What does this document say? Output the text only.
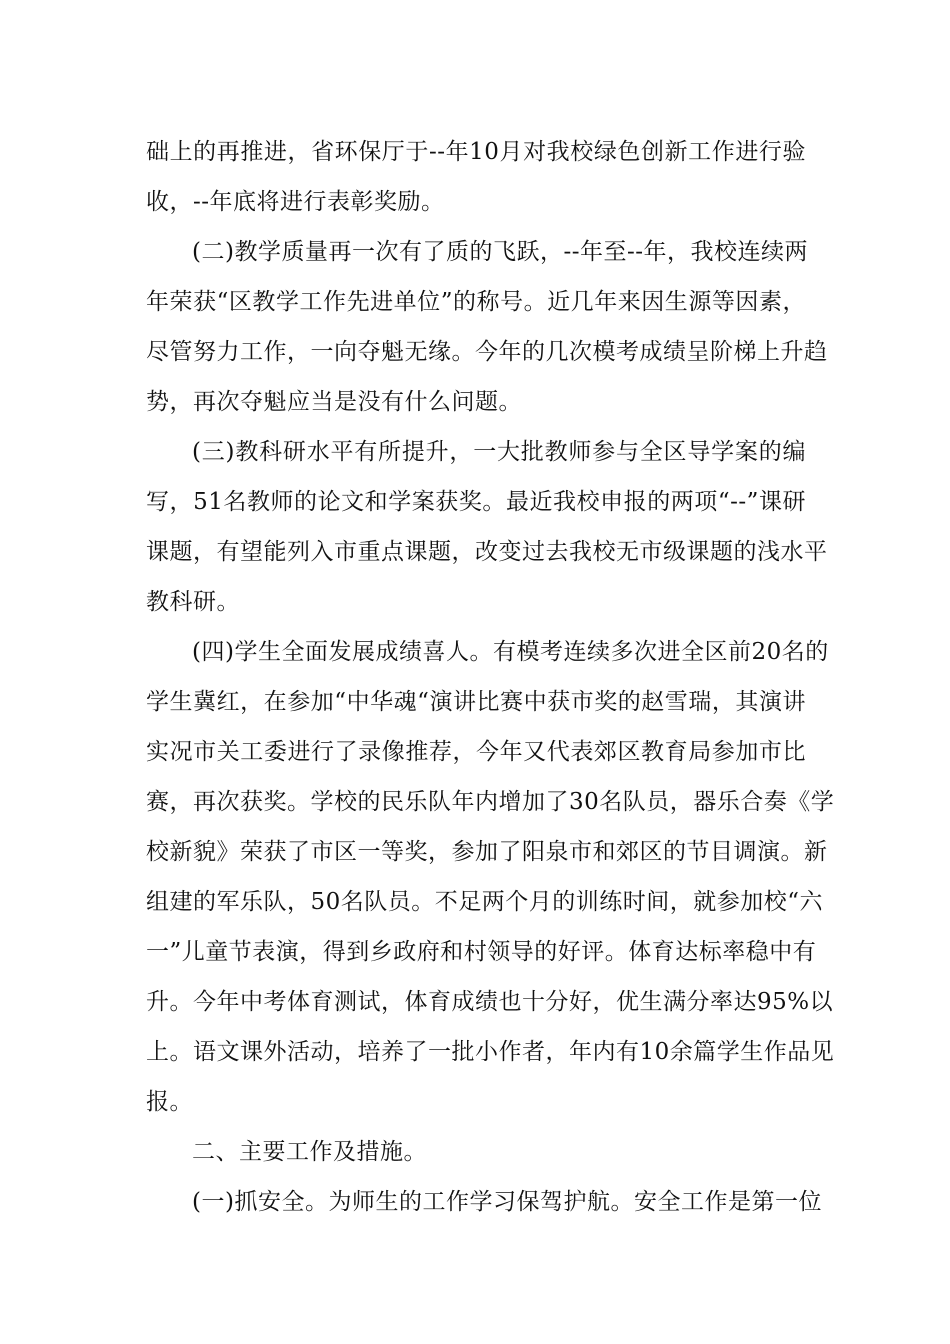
础上的再推进，省环保厅于--年10月对我校绿色创新工作进行验
收，--年底将进行表彰奖励。
(二)教学质量再一次有了质的飞跃，--年至--年，我校连续两
年荣获“区教学工作先进单位”的称号。近几年来因生源等因素，
尽管努力工作，一向夺魁无缘。今年的几次模考成绩呈阶梯上升趋
势，再次夺魁应当是没有什么问题。
(三)教科研水平有所提升，一大批教师参与全区导学案的编
写，51名教师的论文和学案获奖。最近我校申报的两项“--”课研
课题，有望能列入市重点课题，改变过去我校无市级课题的浅水平
教科研。
(四)学生全面发展成绩喜人。有模考连续多次进全区前20名的
学生冀红，在参加“中华魂“演讲比赛中获市奖的赵雪瑞，其演讲
实况市关工委进行了录像推荐，今年又代表郊区教育局参加市比
赛，再次获奖。学校的民乐队年内增加了30名队员，器乐合奏《学
校新貌》荣获了市区一等奖，参加了阳泉市和郊区的节目调演。新
组建的军乐队，50名队员。不足两个月的训练时间，就参加校“六
一”儿童节表演，得到乡政府和村领导的好评。体育达标率稳中有
升。今年中考体育测试，体育成绩也十分好，优生满分率达95%以
上。语文课外活动，培养了一批小作者，年内有10余篇学生作品见
报。
二、主要工作及措施。
(一)抓安全。为师生的工作学习保驾护航。安全工作是第一位
